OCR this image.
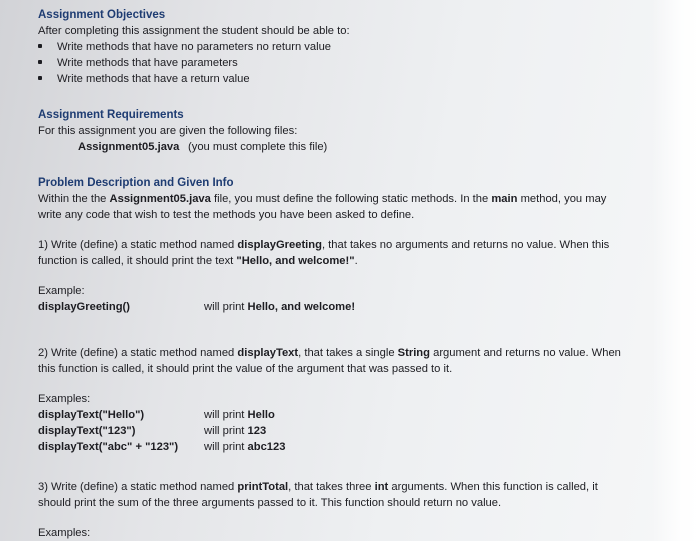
Assignment Objectives
After completing this assignment the student should be able to:
Write methods that have no parameters no return value
Write methods that have parameters
Write methods that have a return value
Assignment Requirements
For this assignment you are given the following files:
Assignment05.java (you must complete this file)
Problem Description and Given Info
Within the the Assignment05.java file, you must define the following static methods. In the main method, you may
write any code that wish to test the methods you have been asked to define.
1) Write (define) a static method named displayGreeting, that takes no arguments and returns no value. When this
function is called, it should print the text "Hello, and welcome!".
Example:
displayGreeting()	will print Hello, and welcome!
2) Write (define) a static method named displayText, that takes a single String argument and returns no value. When
this function is called, it should print the value of the argument that was passed to it.
Examples:
displayText("Hello")	will print Hello
displayText("123")	will print 123
displayText("abc" + "123")	will print abc123
3) Write (define) a static method named printTotal, that takes three int arguments. When this function is called, it
should print the sum of the three arguments passed to it. This function should return no value.
Examples:
